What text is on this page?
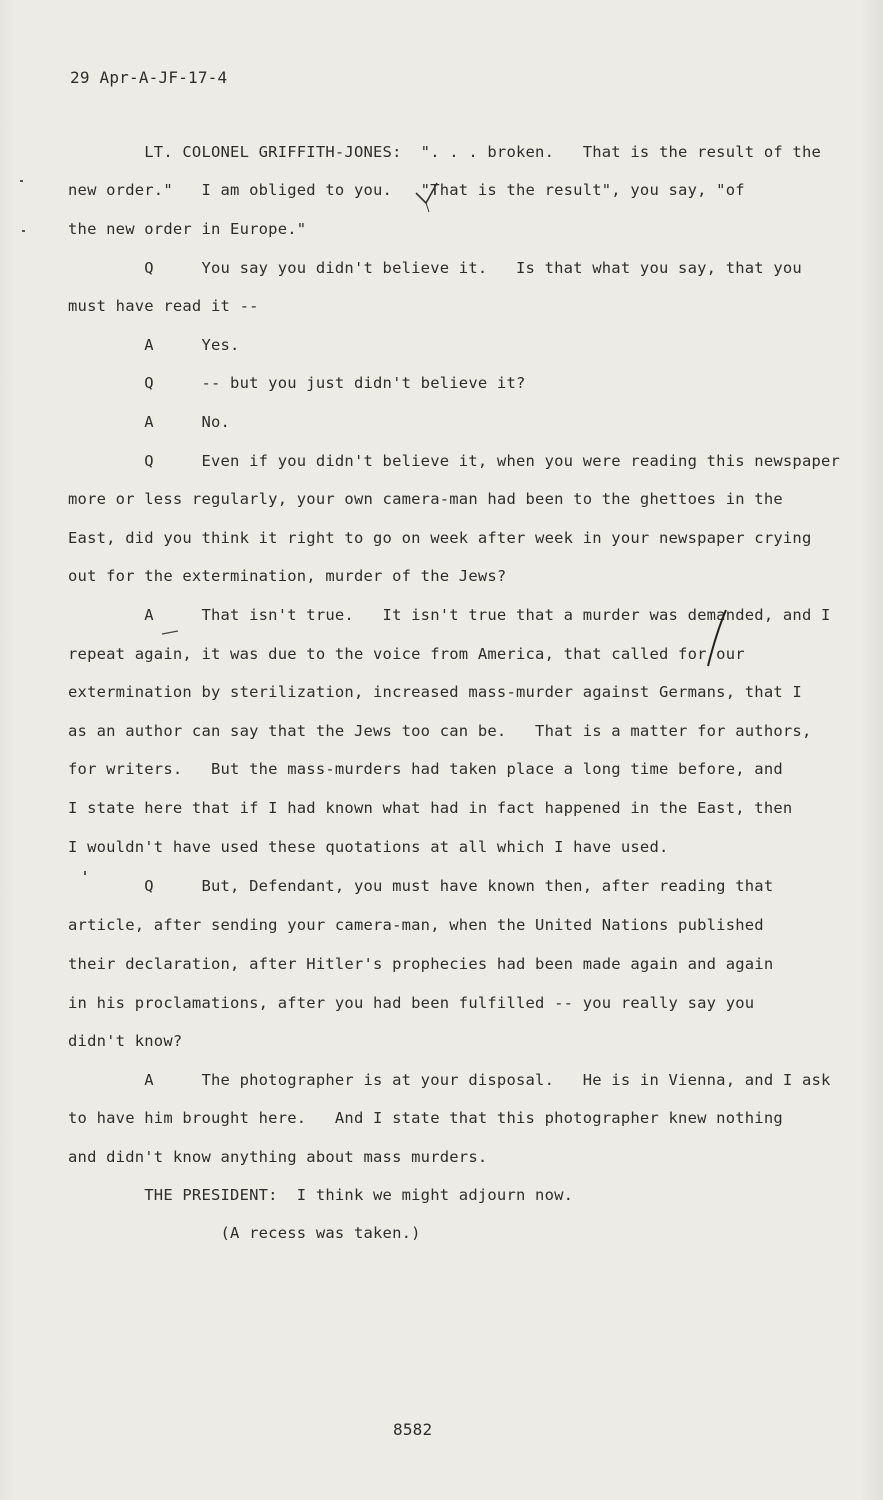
29 Apr-A-JF-17-4
LT. COLONEL GRIFFITH-JONES:  ". . . broken.   That is the result of the
new order."   I am obliged to you.   "That is the result", you say, "of
the new order in Europe."
Q     You say you didn't believe it.   Is that what you say, that you
must have read it --
A     Yes.
Q     -- but you just didn't believe it?
A     No.
Q     Even if you didn't believe it, when you were reading this newspaper
more or less regularly, your own camera-man had been to the ghettoes in the
East, did you think it right to go on week after week in your newspaper crying
out for the extermination, murder of the Jews?
A     That isn't true.   It isn't true that a murder was demanded, and I
repeat again, it was due to the voice from America, that called for our
extermination by sterilization, increased mass-murder against Germans, that I
as an author can say that the Jews too can be.   That is a matter for authors,
for writers.   But the mass-murders had taken place a long time before, and
I state here that if I had known what had in fact happened in the East, then
I wouldn't have used these quotations at all which I have used.
Q     But, Defendant, you must have known then, after reading that
article, after sending your camera-man, when the United Nations published
their declaration, after Hitler's prophecies had been made again and again
in his proclamations, after you had been fulfilled -- you really say you
didn't know?
A     The photographer is at your disposal.   He is in Vienna, and I ask
to have him brought here.   And I state that this photographer knew nothing
and didn't know anything about mass murders.
THE PRESIDENT:  I think we might adjourn now.
(A recess was taken.)
8582
